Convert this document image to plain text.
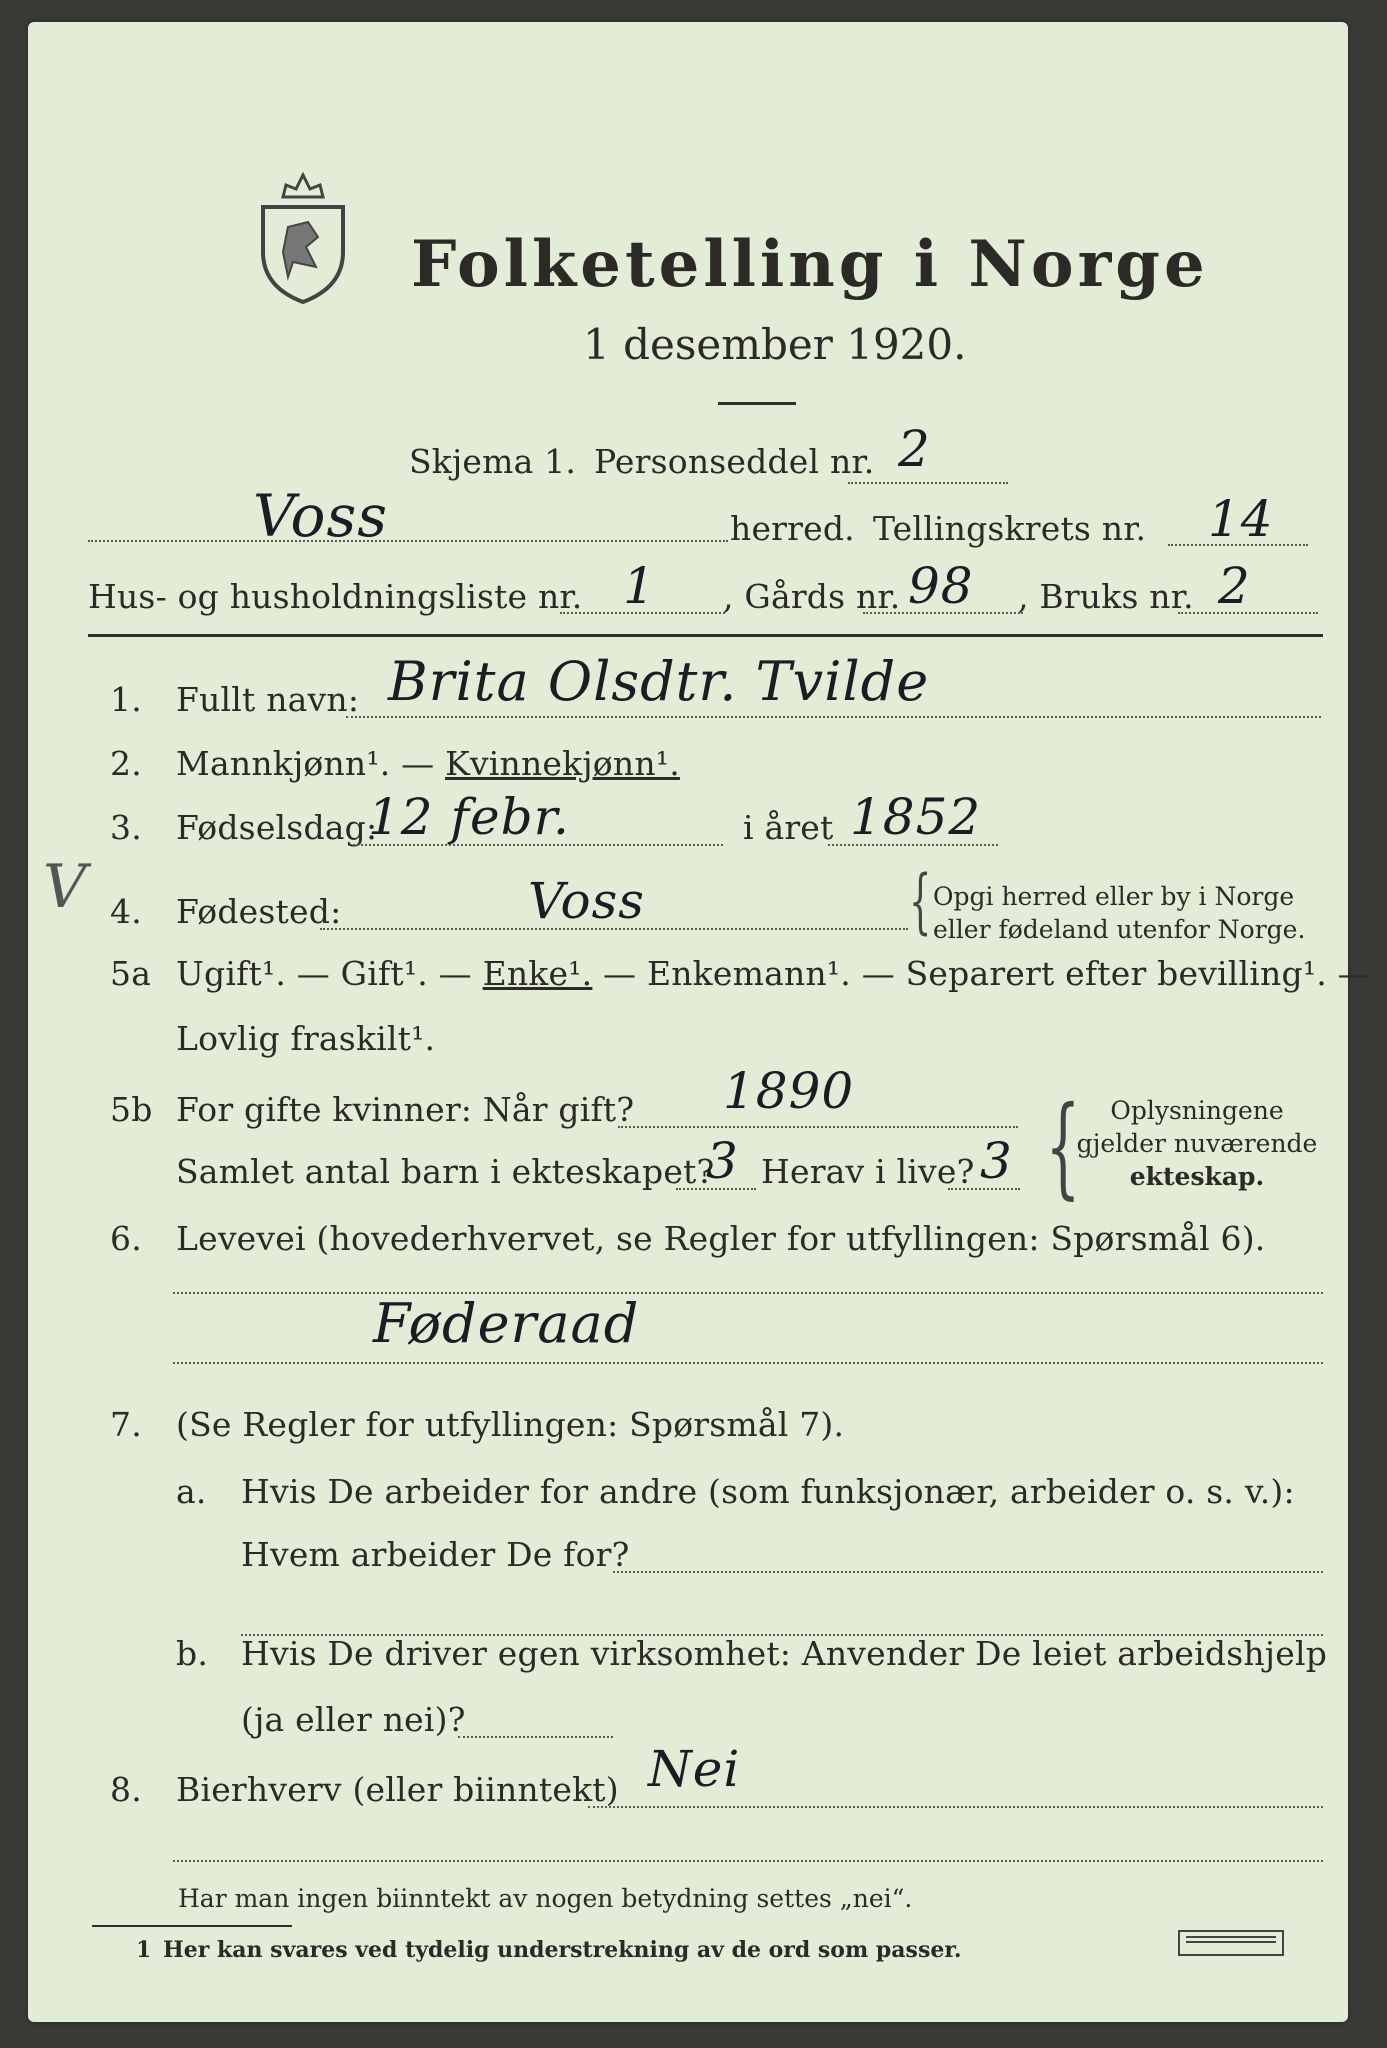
Folketelling i Norge
1 desember 1920.
Skjema 1. Personseddel nr. 2
Voss	herred. Tellingskrets nr. 14
Hus- og husholdningsliste nr. 1 , Gårds nr. 98 , Bruks nr. 2
1. Fullt navn: Brita Olsdtr. Tvilde
2. Mannkjønn¹. — Kvinnekjønn¹.
3. Fødselsdag:
12 febr.	i året 1852
V 4. Fødested:	Voss	{ Opgi herred eller by i Norge
eller fødeland utenfor Norge.
5a Ugift¹. — Gift¹. — Enke¹. — Enkemann¹. — Separert efter bevilling¹. —
Lovlig fraskilt¹.
5b For gifte kvinner: Når gift? 1890
Samlet antal barn i ekteskapet?
3 Herav i live? 3 {	Oplysningene
gjelder nuværende
ekteskap.
6. Levevei (hovederhvervet, se Regler for utfyllingen: Spørsmål 6).
Føderaad
7. (Se Regler for utfyllingen: Spørsmål 7).
a. Hvis De arbeider for andre (som funksjonær, arbeider o. s. v.):
Hvem arbeider De for?
b. Hvis De driver egen virksomhet: Anvender De leiet arbeidshjelp
(ja eller nei)?
8. Bierhverv (eller biinntekt) Nei
Har man ingen biinntekt av nogen betydning settes „nei“.
1 Her kan svares ved tydelig understrekning av de ord som passer.
